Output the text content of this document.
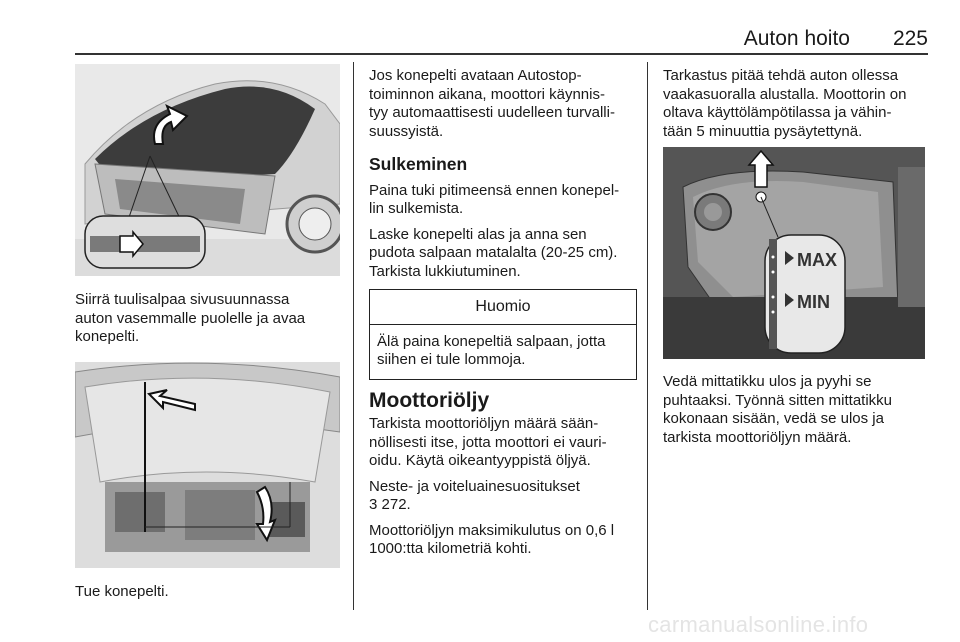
Auton hoito	225

Siirrä tuulisalpaa sivusuunnassa
auton vasemmalle puolelle ja avaa
konepelti.

Tue konepelti.

Jos konepelti avataan Autostop-
toiminnon aikana, moottori käynnis-
tyy automaattisesti uudelleen turvalli-
suussyistä.

Sulkeminen

Paina tuki pitimeensä ennen konepel-
lin sulkemista.

Laske konepelti alas ja anna sen
pudota salpaan matalalta (20-25 cm).
Tarkista lukkiutuminen.

Huomio
Älä paina konepeltiä salpaan, jotta
siihen ei tule lommoja.
Moottoriöljy

Tarkista moottoriöljyn määrä sään-
nöllisesti itse, jotta moottori ei vauri-
oidu. Käytä oikeantyyppistä öljyä.

Neste- ja voiteluainesuositukset
3 272.

Moottoriöljyn maksimikulutus on 0,6 l
1000:tta kilometriä kohti.

Tarkastus pitää tehdä auton ollessa
vaakasuoralla alustalla. Moottorin on
oltava käyttölämpötilassa ja vähin-
tään 5 minuuttia pysäytettynä.

MAX
MIN

Vedä mittatikku ulos ja pyyhi se
puhtaaksi. Työnnä sitten mittatikku
kokonaan sisään, vedä se ulos ja
tarkista moottoriöljyn määrä.

carmanualsonline.info
